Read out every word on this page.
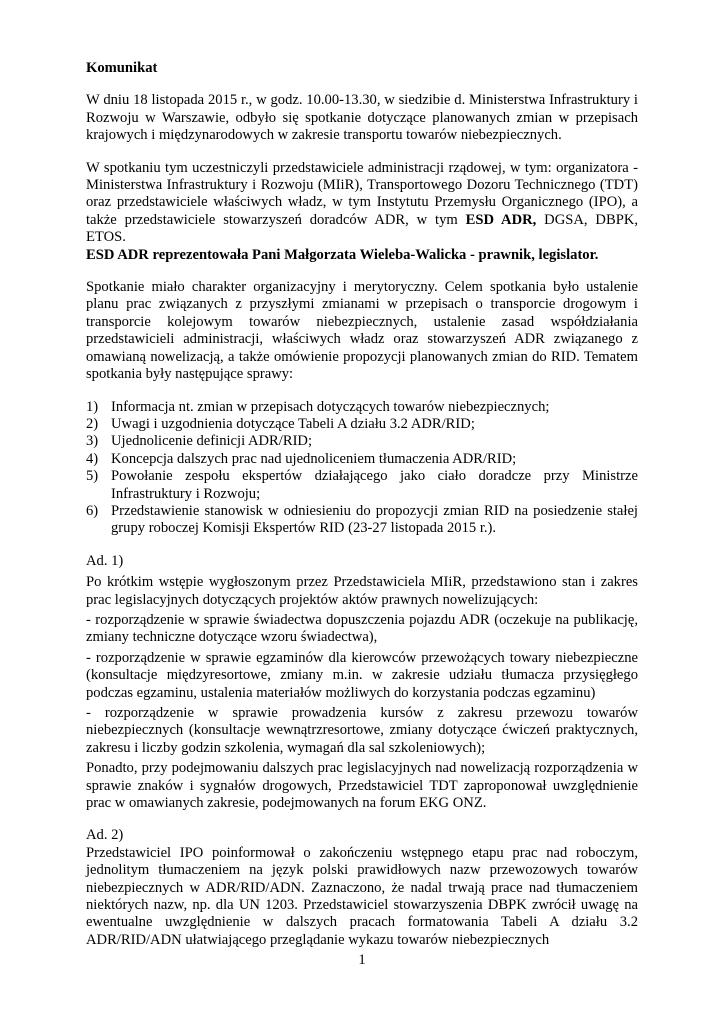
Komunikat

W dniu 18 listopada 2015 r., w godz. 10.00-13.30, w siedzibie d. Ministerstwa Infrastruktury i Rozwoju w Warszawie, odbyło się spotkanie dotyczące planowanych zmian w przepisach krajowych i międzynarodowych w zakresie transportu towarów niebezpiecznych.

W spotkaniu tym uczestniczyli przedstawiciele administracji rządowej, w tym: organizatora - Ministerstwa Infrastruktury i Rozwoju (MIiR), Transportowego Dozoru Technicznego (TDT) oraz przedstawiciele właściwych władz, w tym Instytutu Przemysłu Organicznego (IPO), a także przedstawiciele stowarzyszeń doradców ADR, w tym ESD ADR, DGSA, DBPK, ETOS.

ESD ADR reprezentowała Pani Małgorzata Wieleba-Walicka - prawnik, legislator.

Spotkanie miało charakter organizacyjny i merytoryczny. Celem spotkania było ustalenie planu prac związanych z przyszłymi zmianami w przepisach o transporcie drogowym i transporcie kolejowym towarów niebezpiecznych, ustalenie zasad współdziałania przedstawicieli administracji, właściwych władz oraz stowarzyszeń ADR związanego z omawianą nowelizacją, a także omówienie propozycji planowanych zmian do RID. Tematem spotkania były następujące sprawy:

1) Informacja nt. zmian w przepisach dotyczących towarów niebezpiecznych;
2) Uwagi i uzgodnienia dotyczące Tabeli A działu 3.2 ADR/RID;
3) Ujednolicenie definicji ADR/RID;
4) Koncepcja dalszych prac nad ujednoliceniem tłumaczenia ADR/RID;
5) Powołanie zespołu ekspertów działającego jako ciało doradcze przy Ministrze Infrastruktury i Rozwoju;
6) Przedstawienie stanowisk w odniesieniu do propozycji zmian RID na posiedzenie stałej grupy roboczej Komisji Ekspertów RID (23-27 listopada 2015 r.).

Ad. 1)

Po krótkim wstępie wygłoszonym przez Przedstawiciela MIiR, przedstawiono stan i zakres prac legislacyjnych dotyczących projektów aktów prawnych nowelizujących:

- rozporządzenie w sprawie świadectwa dopuszczenia pojazdu ADR (oczekuje na publikację, zmiany techniczne dotyczące wzoru świadectwa),

- rozporządzenie w sprawie egzaminów dla kierowców przewożących towary niebezpieczne (konsultacje międzyresortowe, zmiany m.in. w zakresie udziału tłumacza przysięgłego podczas egzaminu, ustalenia materiałów możliwych do korzystania podczas egzaminu)

- rozporządzenie w sprawie prowadzenia kursów z zakresu przewozu towarów niebezpiecznych (konsultacje wewnątrzresortowe, zmiany dotyczące ćwiczeń praktycznych, zakresu i liczby godzin szkolenia, wymagań dla sal szkoleniowych);

Ponadto, przy podejmowaniu dalszych prac legislacyjnych nad nowelizacją rozporządzenia w sprawie znaków i sygnałów drogowych, Przedstawiciel TDT zaproponował uwzględnienie prac w omawianych zakresie, podejmowanych na forum EKG ONZ.

Ad. 2)

Przedstawiciel IPO poinformował o zakończeniu wstępnego etapu prac nad roboczym, jednolitym tłumaczeniem na język polski prawidłowych nazw przewozowych towarów niebezpiecznych w ADR/RID/ADN. Zaznaczono, że nadal trwają prace nad tłumaczeniem niektórych nazw, np. dla UN 1203. Przedstawiciel stowarzyszenia DBPK zwrócił uwagę na ewentualne uwzględnienie w dalszych pracach formatowania Tabeli A działu 3.2 ADR/RID/ADN ułatwiającego przeglądanie wykazu towarów niebezpiecznych

1
